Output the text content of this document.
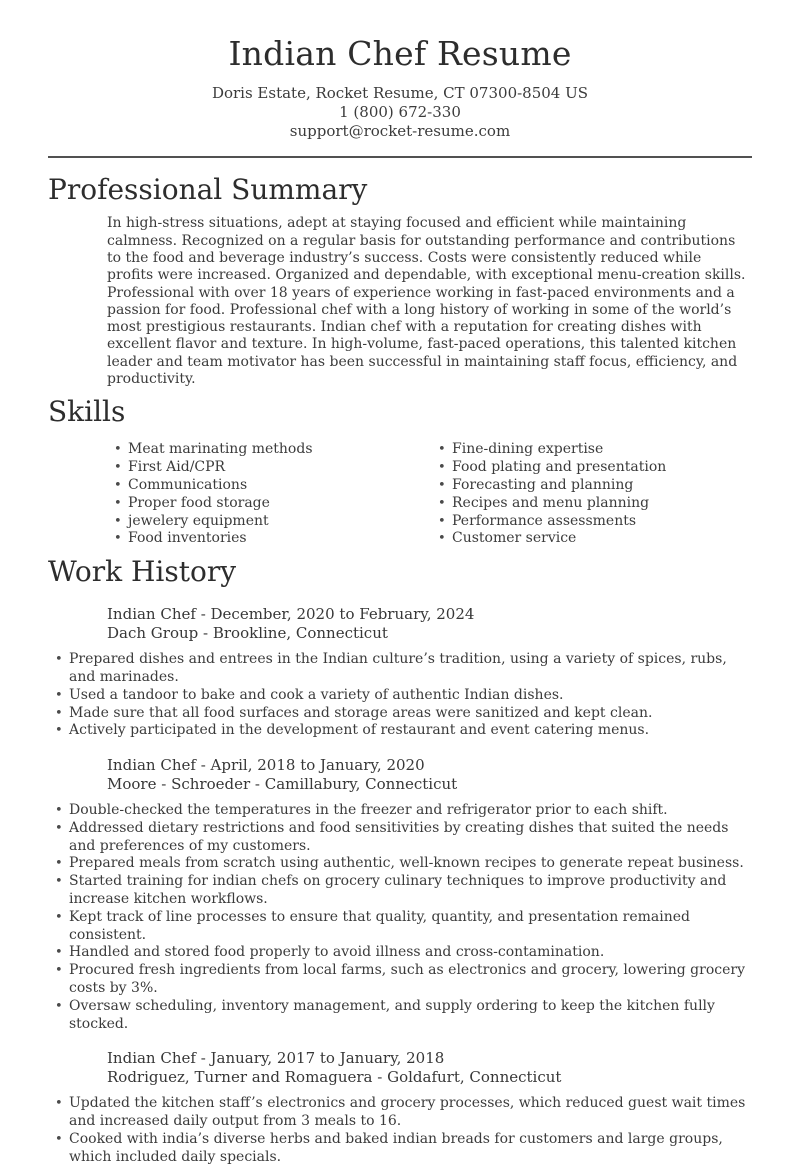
Indian Chef Resume
Doris Estate, Rocket Resume, CT 07300-8504 US
1 (800) 672-330
support@rocket-resume.com
Professional Summary

In high-stress situations, adept at staying focused and efficient while maintaining calmness. Recognized on a regular basis for outstanding performance and contributions to the food and beverage industry’s success. Costs were consistently reduced while profits were increased. Organized and dependable, with exceptional menu-creation skills. Professional with over 18 years of experience working in fast-paced environments and a passion for food. Professional chef with a long history of working in some of the world’s most prestigious restaurants. Indian chef with a reputation for creating dishes with excellent flavor and texture. In high-volume, fast-paced operations, this talented kitchen leader and team motivator has been successful in maintaining staff focus, efficiency, and productivity.

Skills
• Meat marinating methods
• First Aid/CPR
• Communications
• Proper food storage
• jewelery equipment
• Food inventories
• Fine-dining expertise
• Food plating and presentation
• Forecasting and planning
• Recipes and menu planning
• Performance assessments
• Customer service
Work History
Indian Chef - December, 2020 to February, 2024
Dach Group - Brookline, Connecticut
• Prepared dishes and entrees in the Indian culture’s tradition, using a variety of spices, rubs, and marinades.
• Used a tandoor to bake and cook a variety of authentic Indian dishes.
• Made sure that all food surfaces and storage areas were sanitized and kept clean.
• Actively participated in the development of restaurant and event catering menus.
Indian Chef - April, 2018 to January, 2020
Moore - Schroeder - Camillabury, Connecticut
• Double-checked the temperatures in the freezer and refrigerator prior to each shift.
• Addressed dietary restrictions and food sensitivities by creating dishes that suited the needs and preferences of my customers.
• Prepared meals from scratch using authentic, well-known recipes to generate repeat business.
• Started training for indian chefs on grocery culinary techniques to improve productivity and increase kitchen workflows.
• Kept track of line processes to ensure that quality, quantity, and presentation remained consistent.
• Handled and stored food properly to avoid illness and cross-contamination.
• Procured fresh ingredients from local farms, such as electronics and grocery, lowering grocery costs by 3%.
• Oversaw scheduling, inventory management, and supply ordering to keep the kitchen fully stocked.
Indian Chef - January, 2017 to January, 2018
Rodriguez, Turner and Romaguera - Goldafurt, Connecticut
• Updated the kitchen staff’s electronics and grocery processes, which reduced guest wait times and increased daily output from 3 meals to 16.
• Cooked with india’s diverse herbs and baked indian breads for customers and large groups, which included daily specials.
